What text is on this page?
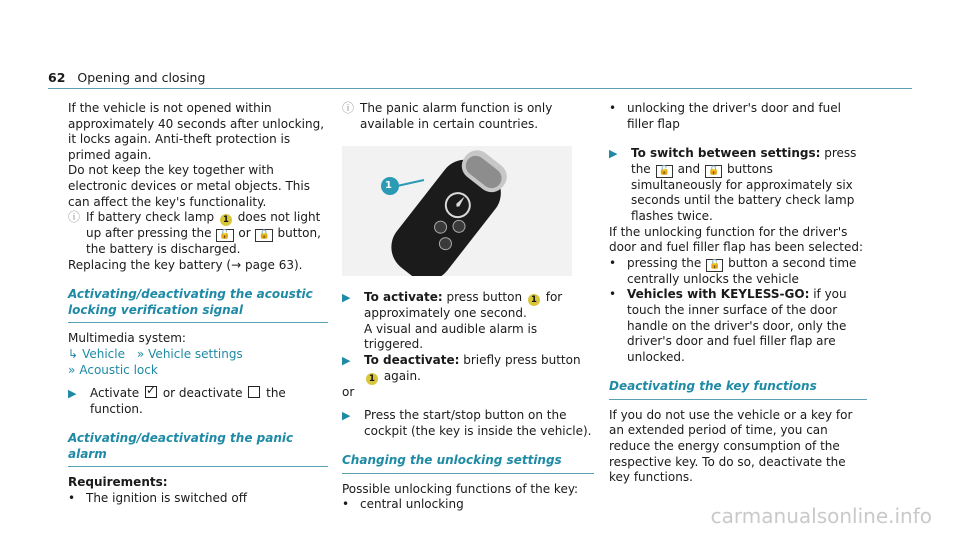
62 Opening and closing

If the vehicle is not opened within approximately 40 seconds after unlocking, it locks again. Anti-theft protection is primed again.

Do not keep the key together with electronic devices or metal objects. This can affect the key's functionality.

ⓘ If battery check lamp 1 does not light up after pressing the 🔓 or 🔒 button, the battery is discharged.

Replacing the key battery (→ page 63).

Activating/deactivating the acoustic locking verification signal

Multimedia system:

↳ Vehicle » Vehicle settings
» Acoustic lock
▶	Activate ✓ or deactivate the function.
Activating/deactivating the panic alarm

Requirements:

• The ignition is switched off
ⓘ The panic alarm function is only available in certain countries.
1
▶	To activate: press button 1 for approximately one second.
A visual and audible alarm is triggered.
▶	To deactivate: briefly press button 1 again.

or

▶	Press the start/stop button on the cockpit (the key is inside the vehicle).
Changing the unlocking settings

Possible unlocking functions of the key:

• central unlocking
• unlocking the driver's door and fuel filler flap
▶	To switch between settings: press the 🔓 and 🔒 buttons simultaneously for approximately six seconds until the battery check lamp flashes twice.

If the unlocking function for the driver's door and fuel filler flap has been selected:

• pressing the 🔓 button a second time centrally unlocks the vehicle
• Vehicles with KEYLESS-GO: if you touch the inner surface of the door handle on the driver's door, only the driver's door and fuel filler flap are unlocked.
Deactivating the key functions

If you do not use the vehicle or a key for an extended period of time, you can reduce the energy consumption of the respective key. To do so, deactivate the key functions.

carmanualsonline.info
